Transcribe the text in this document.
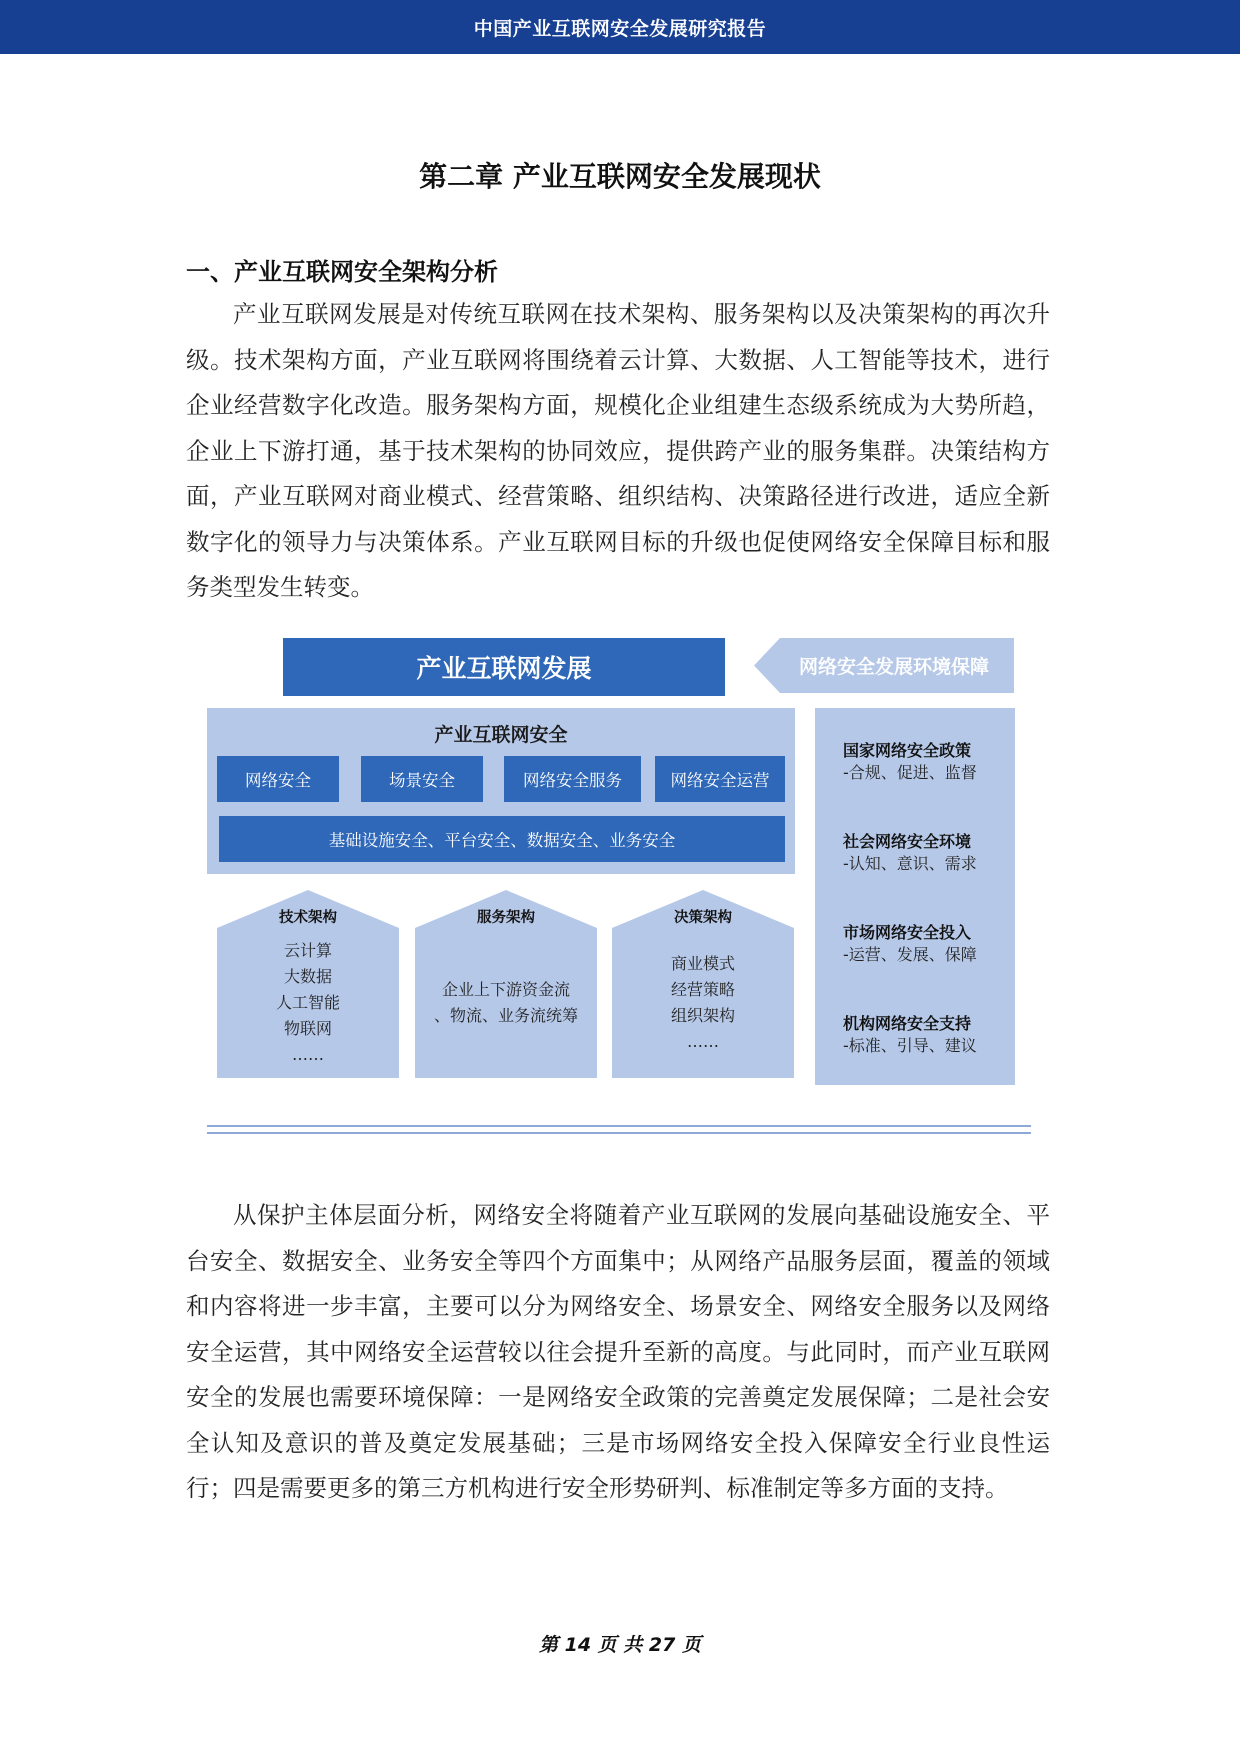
中国产业互联网安全发展研究报告
第二章 产业互联网安全发展现状
一、产业互联网安全架构分析

产业互联网发展是对传统互联网在技术架构、服务架构以及决策架构的再次升级。技术架构方面，产业互联网将围绕着云计算、大数据、人工智能等技术，进行企业经营数字化改造。服务架构方面，规模化企业组建生态级系统成为大势所趋，企业上下游打通，基于技术架构的协同效应，提供跨产业的服务集群。决策结构方面，产业互联网对商业模式、经营策略、组织结构、决策路径进行改进，适应全新数字化的领导力与决策体系。产业互联网目标的升级也促使网络安全保障目标和服务类型发生转变。

产业互联网发展	网络安全发展环境保障
产业互联网安全
网络安全	场景安全	网络安全服务	网络安全运营
基础设施安全、平台安全、数据安全、业务安全
国家网络安全政策
-合规、促进、监督
社会网络安全环境
-认知、意识、需求
市场网络安全投入
-运营、发展、保障
机构网络安全支持
-标准、引导、建议
技术架构
云计算
大数据
人工智能
物联网
……
服务架构
企业上下游资金流
、物流、业务流统筹
决策架构
商业模式
经营策略
组织架构
……

从保护主体层面分析，网络安全将随着产业互联网的发展向基础设施安全、平台安全、数据安全、业务安全等四个方面集中；从网络产品服务层面，覆盖的领域和内容将进一步丰富，主要可以分为网络安全、场景安全、网络安全服务以及网络安全运营，其中网络安全运营较以往会提升至新的高度。与此同时，而产业互联网安全的发展也需要环境保障：一是网络安全政策的完善奠定发展保障；二是社会安全认知及意识的普及奠定发展基础；三是市场网络安全投入保障安全行业良性运行；四是需要更多的第三方机构进行安全形势研判、标准制定等多方面的支持。

第 14 页 共 27 页
